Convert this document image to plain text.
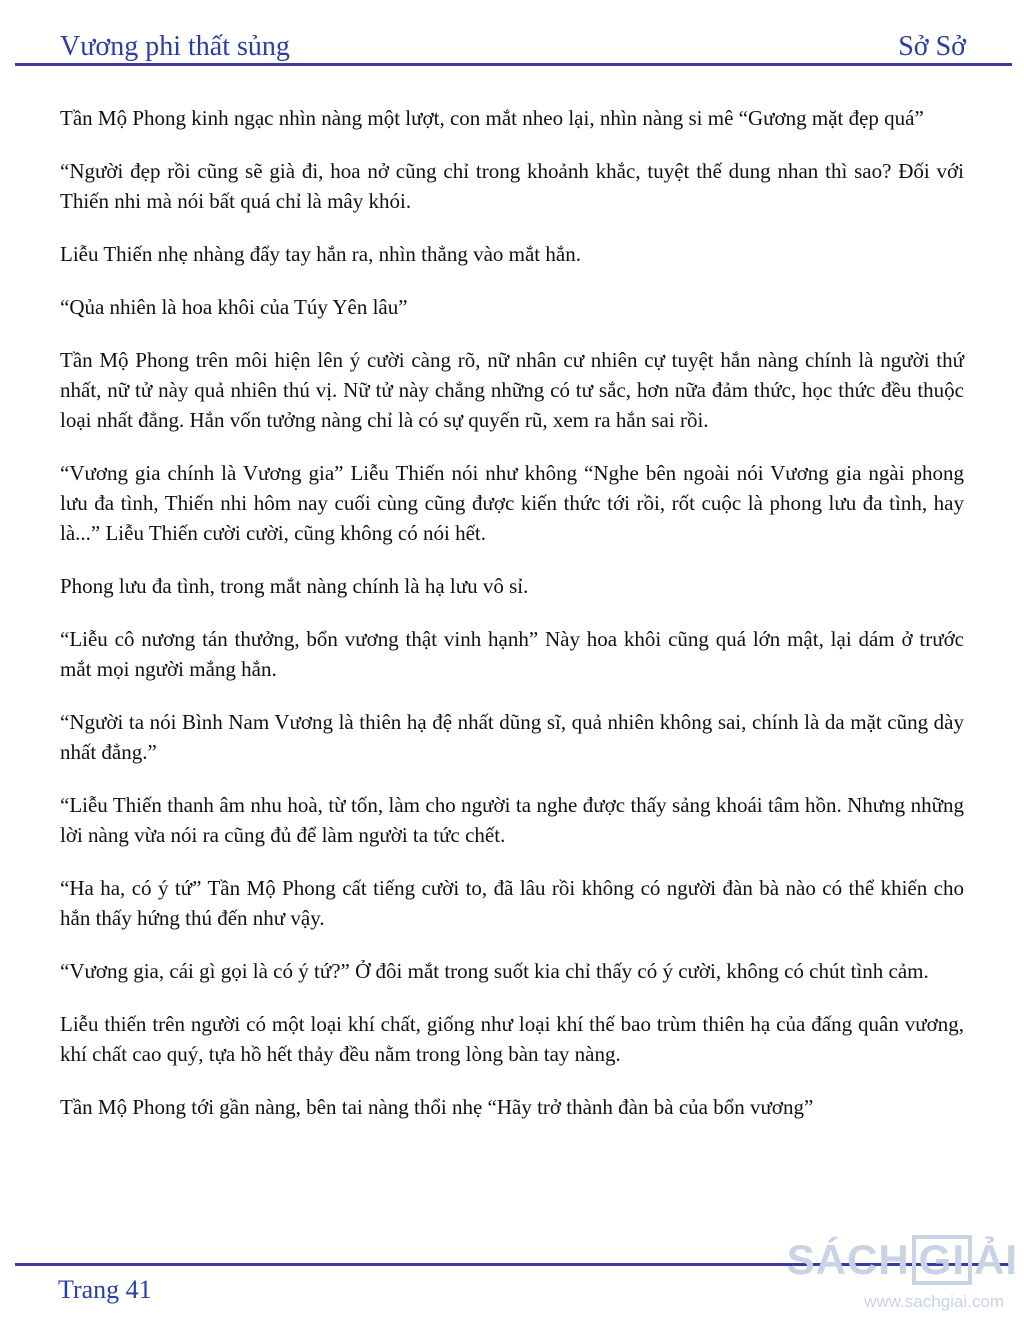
Vương phi thất sủng	Sở Sở

Tần Mộ Phong kinh ngạc nhìn nàng một lượt, con mắt nheo lại, nhìn nàng si mê “Gương mặt đẹp quá”

“Người đẹp rồi cũng sẽ già đi, hoa nở cũng chỉ trong khoảnh khắc, tuyệt thế dung nhan thì sao? Đối với Thiến nhi mà nói bất quá chỉ là mây khói.

Liễu Thiến nhẹ nhàng đẩy tay hắn ra, nhìn thẳng vào mắt hắn.

“Qủa nhiên là hoa khôi của Túy Yên lâu”

Tần Mộ Phong trên môi hiện lên ý cười càng rõ, nữ nhân cư nhiên cự tuyệt hắn nàng chính là người thứ nhất, nữ tử này quả nhiên thú vị. Nữ tử này chẳng những có tư sắc, hơn nữa đảm thức, học thức đều thuộc loại nhất đẳng. Hắn vốn tưởng nàng chỉ là có sự quyến rũ, xem ra hắn sai rồi.

“Vương gia chính là Vương gia” Liễu Thiến nói như không “Nghe bên ngoài nói Vương gia ngài phong lưu đa tình, Thiến nhi hôm nay cuối cùng cũng được kiến thức tới rồi, rốt cuộc là phong lưu đa tình, hay là...” Liễu Thiến cười cười, cũng không có nói hết.

Phong lưu đa tình, trong mắt nàng chính là hạ lưu vô sỉ.

“Liễu cô nương tán thưởng, bổn vương thật vinh hạnh” Này hoa khôi cũng quá lớn mật, lại dám ở trước mắt mọi người mắng hắn.

“Người ta nói Bình Nam Vương là thiên hạ đệ nhất dũng sĩ, quả nhiên không sai, chính là da mặt cũng dày nhất đẳng.”

“Liễu Thiến thanh âm nhu hoà, từ tốn, làm cho người ta nghe được thấy sảng khoái tâm hồn. Nhưng những lời nàng vừa nói ra cũng đủ để làm người ta tức chết.

“Ha ha, có ý tứ” Tần Mộ Phong cất tiếng cười to, đã lâu rồi không có người đàn bà nào có thể khiến cho hắn thấy hứng thú đến như vậy.

“Vương gia, cái gì gọi là có ý tứ?” Ở đôi mắt trong suốt kia chỉ thấy có ý cười, không có chút tình cảm.

Liễu thiến trên người có một loại khí chất, giống như loại khí thế bao trùm thiên hạ của đấng quân vương, khí chất cao quý, tựa hồ hết thảy đều nằm trong lòng bàn tay nàng.

Tần Mộ Phong tới gần nàng, bên tai nàng thổi nhẹ “Hãy trở thành đàn bà của bổn vương”

Trang 41
SÁCH GI ẢI
www.sachgiai.com
